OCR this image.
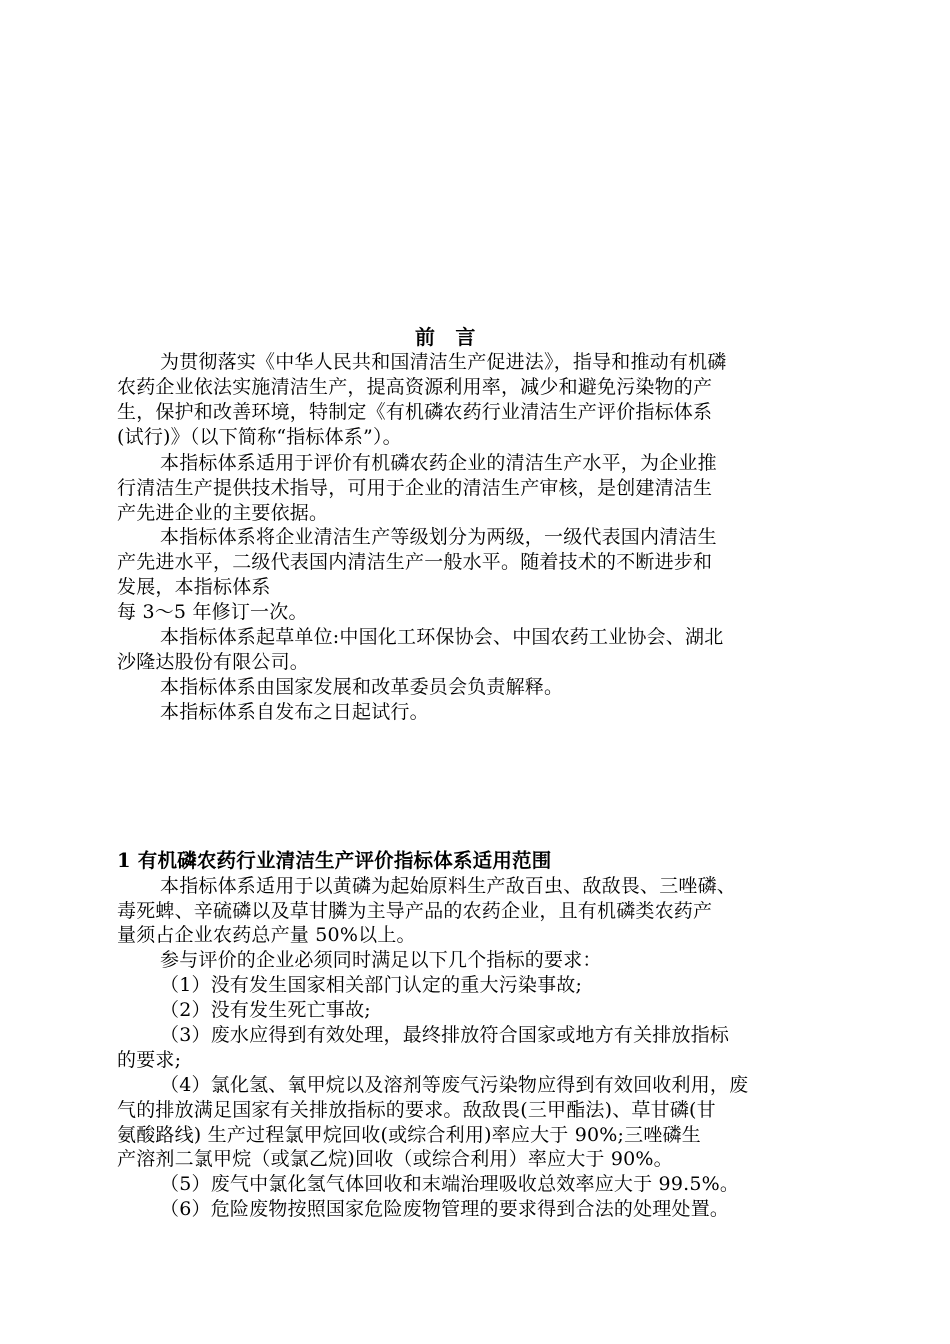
前　言
为贯彻落实《中华人民共和国清洁生产促进法》，指导和推动有机磷
农药企业依法实施清洁生产，提高资源利用率，减少和避免污染物的产
生，保护和改善环境，特制定《有机磷农药行业清洁生产评价指标体系
(试行)》（以下简称“指标体系”）。
本指标体系适用于评价有机磷农药企业的清洁生产水平，为企业推
行清洁生产提供技术指导，可用于企业的清洁生产审核，是创建清洁生
产先进企业的主要依据。
本指标体系将企业清洁生产等级划分为两级，一级代表国内清洁生
产先进水平，二级代表国内清洁生产一般水平。随着技术的不断进步和
发展，本指标体系
每 3～5 年修订一次。
本指标体系起草单位:中国化工环保协会、中国农药工业协会、湖北
沙隆达股份有限公司。
本指标体系由国家发展和改革委员会负责解释。
本指标体系自发布之日起试行。
1 有机磷农药行业清洁生产评价指标体系适用范围
本指标体系适用于以黄磷为起始原料生产敌百虫、敌敌畏、三唑磷、
毒死蜱、辛硫磷以及草甘膦为主导产品的农药企业，且有机磷类农药产
量须占企业农药总产量 50%以上。
参与评价的企业必须同时满足以下几个指标的要求：
（1）没有发生国家相关部门认定的重大污染事故;
（2）没有发生死亡事故;
（3）废水应得到有效处理，最终排放符合国家或地方有关排放指标
的要求;
（4）氯化氢、氧甲烷以及溶剂等废气污染物应得到有效回收利用，废
气的排放满足国家有关排放指标的要求。敌敌畏(三甲酯法)、草甘磷(甘
氨酸路线) 生产过程氯甲烷回收(或综合利用)率应大于 90%;三唑磷生
产溶剂二氯甲烷（或氯乙烷)回收（或综合利用）率应大于 90%。
（5）废气中氯化氢气体回收和末端治理吸收总效率应大于 99.5%。
（6）危险废物按照国家危险废物管理的要求得到合法的处理处置。
